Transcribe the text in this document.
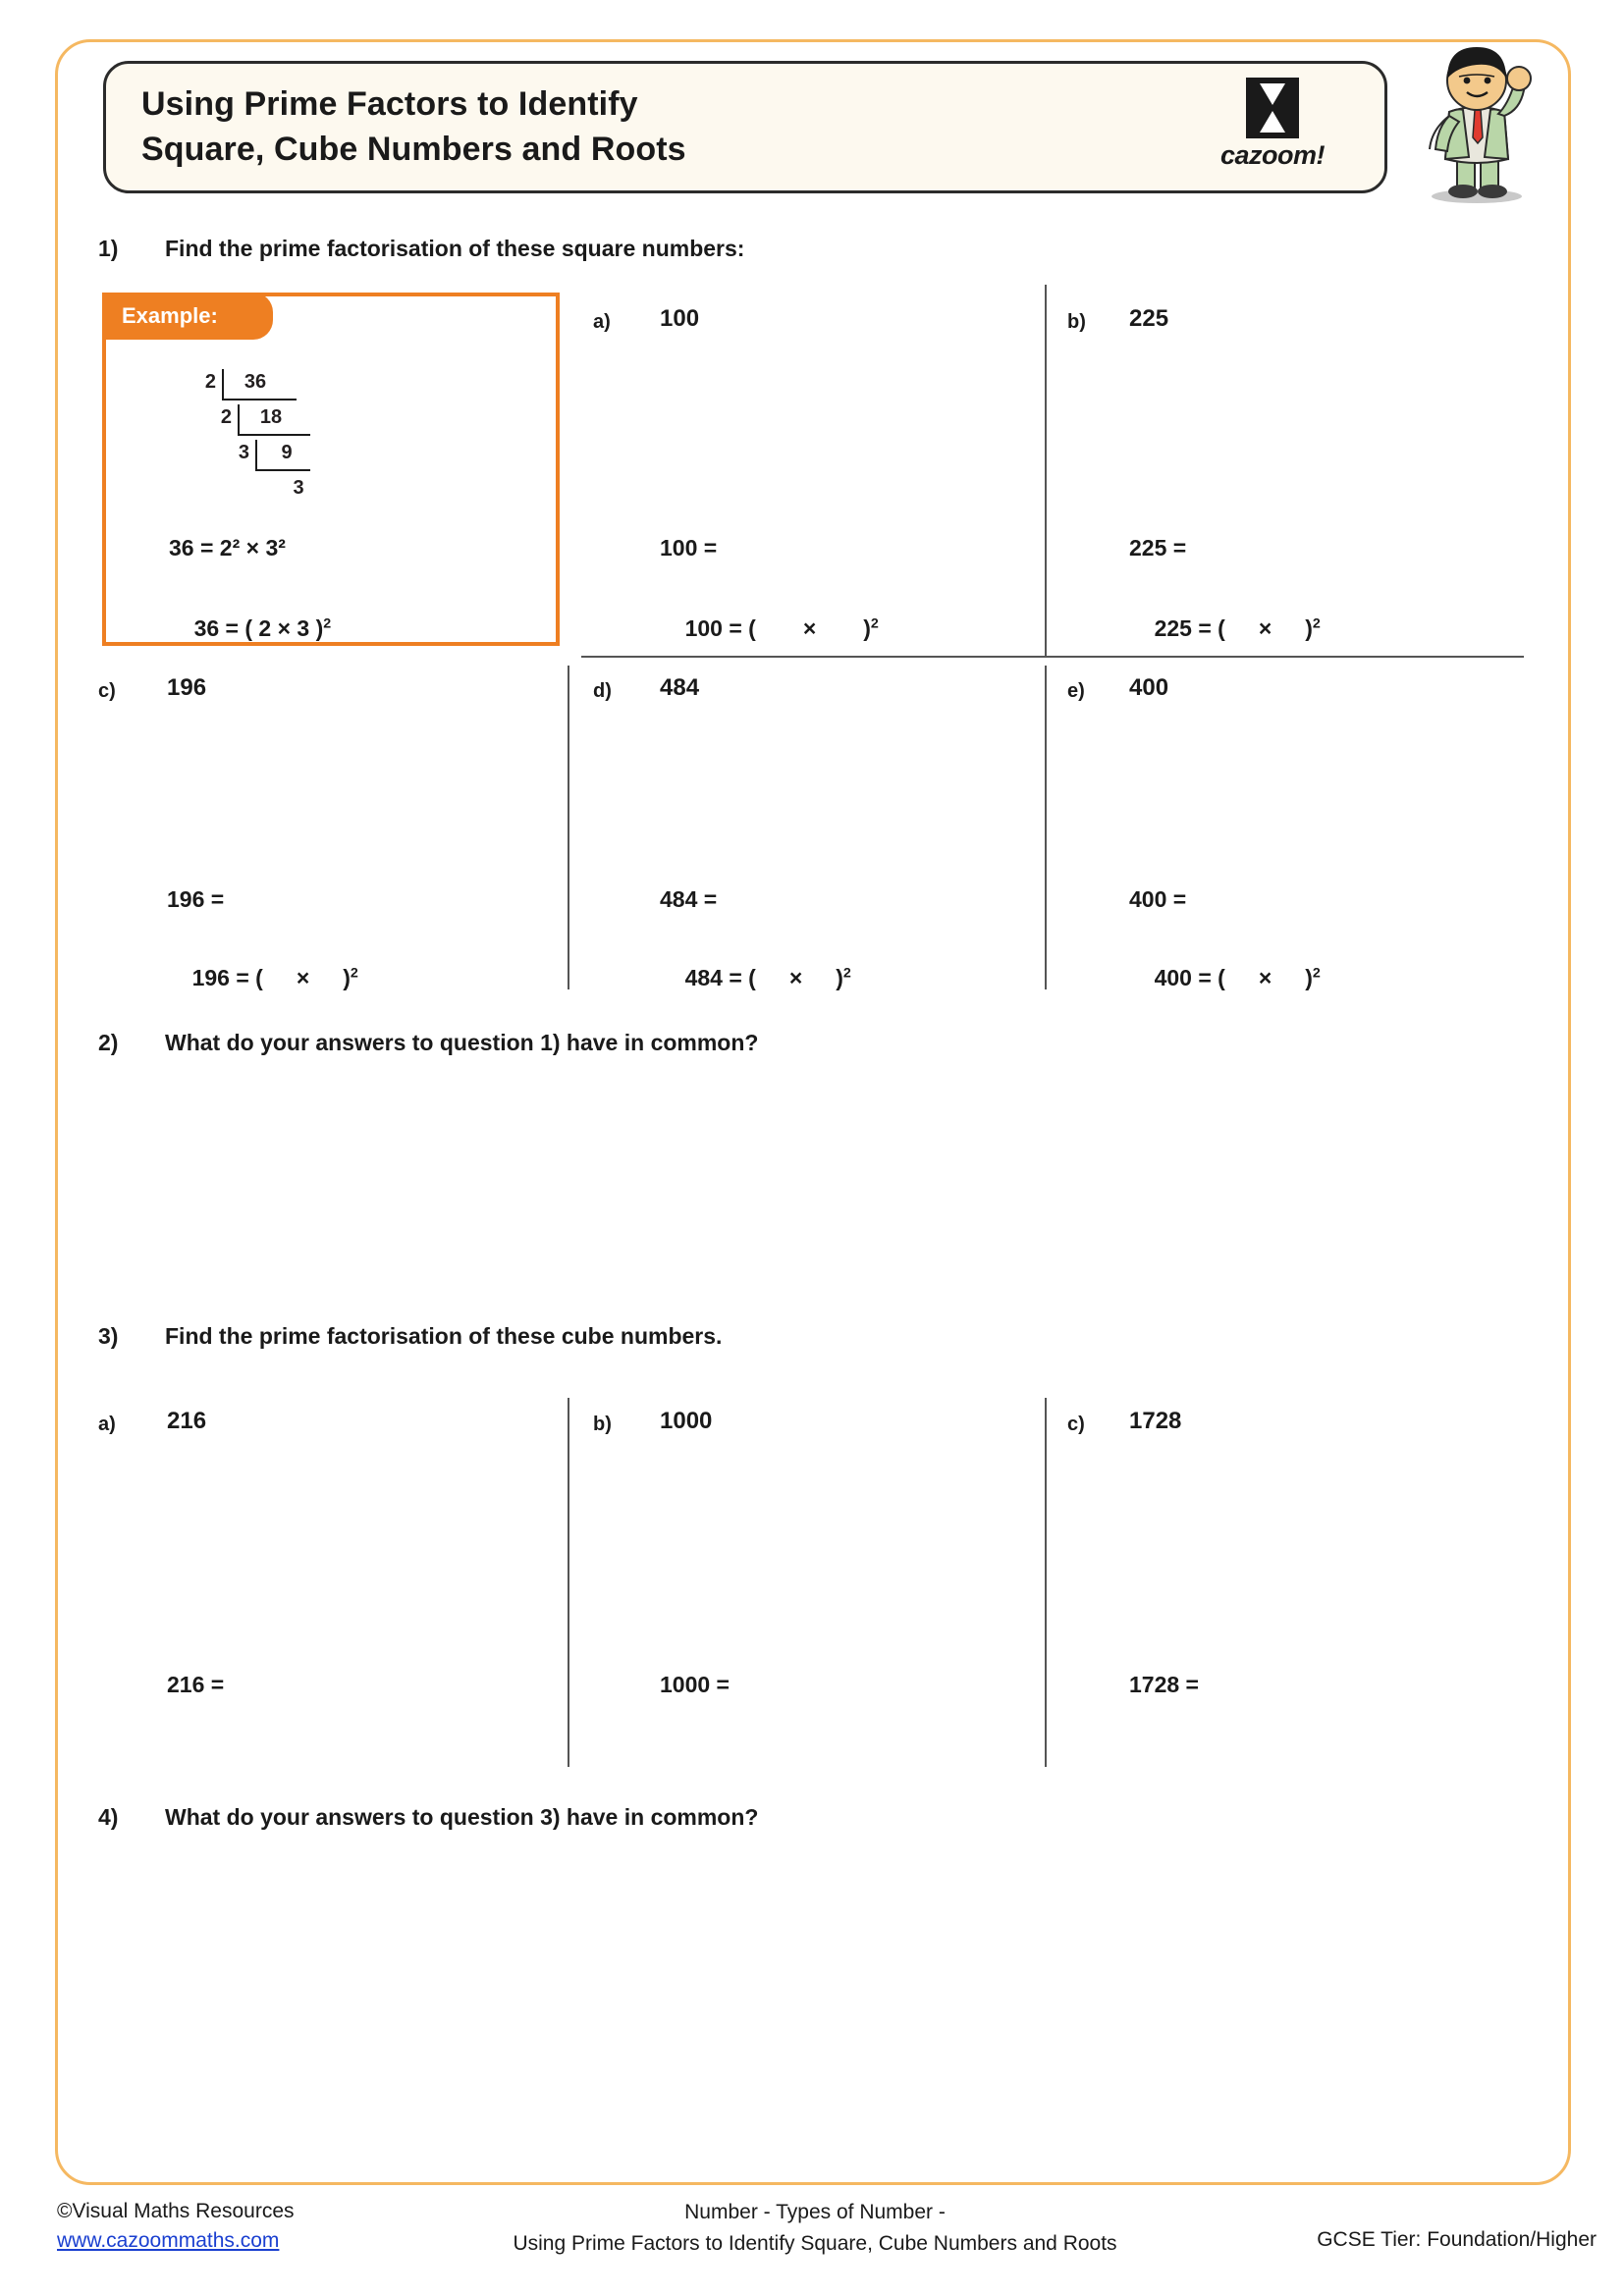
Using Prime Factors to Identify
Square, Cube Numbers and Roots	cazoom!
1) Find the prime factorisation of these square numbers:
Example:
2
2
3
36
18
9
3
36 = 2² × 3²

36 = ( 2 × 3 )$^2$

a) 100
100 =

100 = ( × )$^2$

b) 225
225 =

225 = ( × )$^2$

c) 196
196 =

196 = ( × )$^2$

d) 484
484 =

484 = ( × )$^2$

e) 400
400 =

400 = ( × )$^2$

2) What do your answers to question 1) have in common?
3) Find the prime factorisation of these cube numbers.
a) 216
216 =
b) 1000
1000 =
c) 1728
1728 =
4) What do your answers to question 3) have in common?
©Visual Maths Resources
www.cazoommaths.com
Number - Types of Number -
Using Prime Factors to Identify Square, Cube Numbers and Roots	GCSE Tier: Foundation/Higher
